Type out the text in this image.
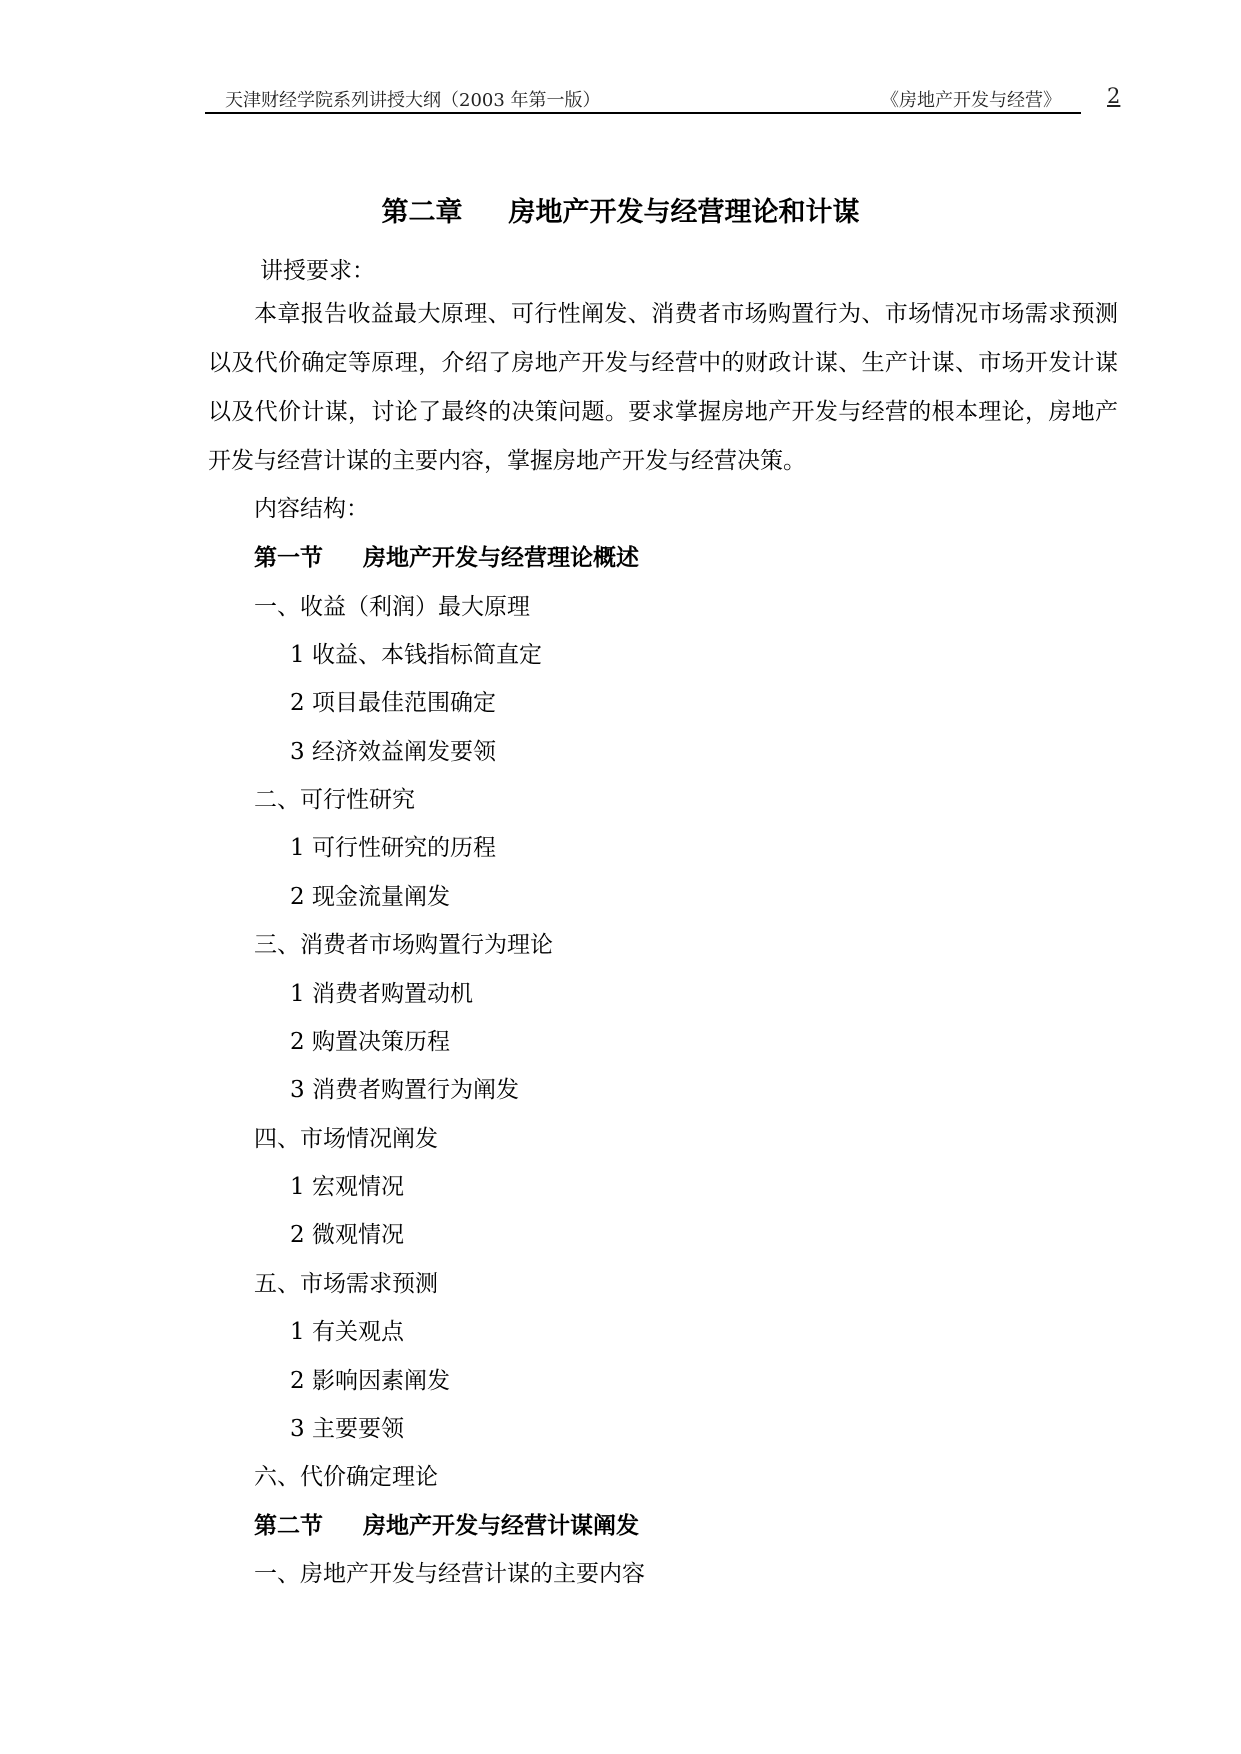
天津财经学院系列讲授大纲（2003 年第一版）	《房地产开发与经营》 2
第二章 房地产开发与经营理论和计谋
讲授要求：
本章报告收益最大原理、可行性阐发、消费者市场购置行为、市场情况市场需求预测以及代价确定等原理，介绍了房地产开发与经营中的财政计谋、生产计谋、市场开发计谋以及代价计谋，讨论了最终的决策问题。要求掌握房地产开发与经营的根本理论，房地产开发与经营计谋的主要内容，掌握房地产开发与经营决策。
内容结构：
第一节 房地产开发与经营理论概述
一、收益（利润）最大原理
1 收益、本钱指标简直定
2 项目最佳范围确定
3 经济效益阐发要领
二、可行性研究
1 可行性研究的历程
2 现金流量阐发
三、消费者市场购置行为理论
1 消费者购置动机
2 购置决策历程
3 消费者购置行为阐发
四、市场情况阐发
1 宏观情况
2 微观情况
五、市场需求预测
1 有关观点
2 影响因素阐发
3 主要要领
六、代价确定理论
第二节 房地产开发与经营计谋阐发
一、房地产开发与经营计谋的主要内容
